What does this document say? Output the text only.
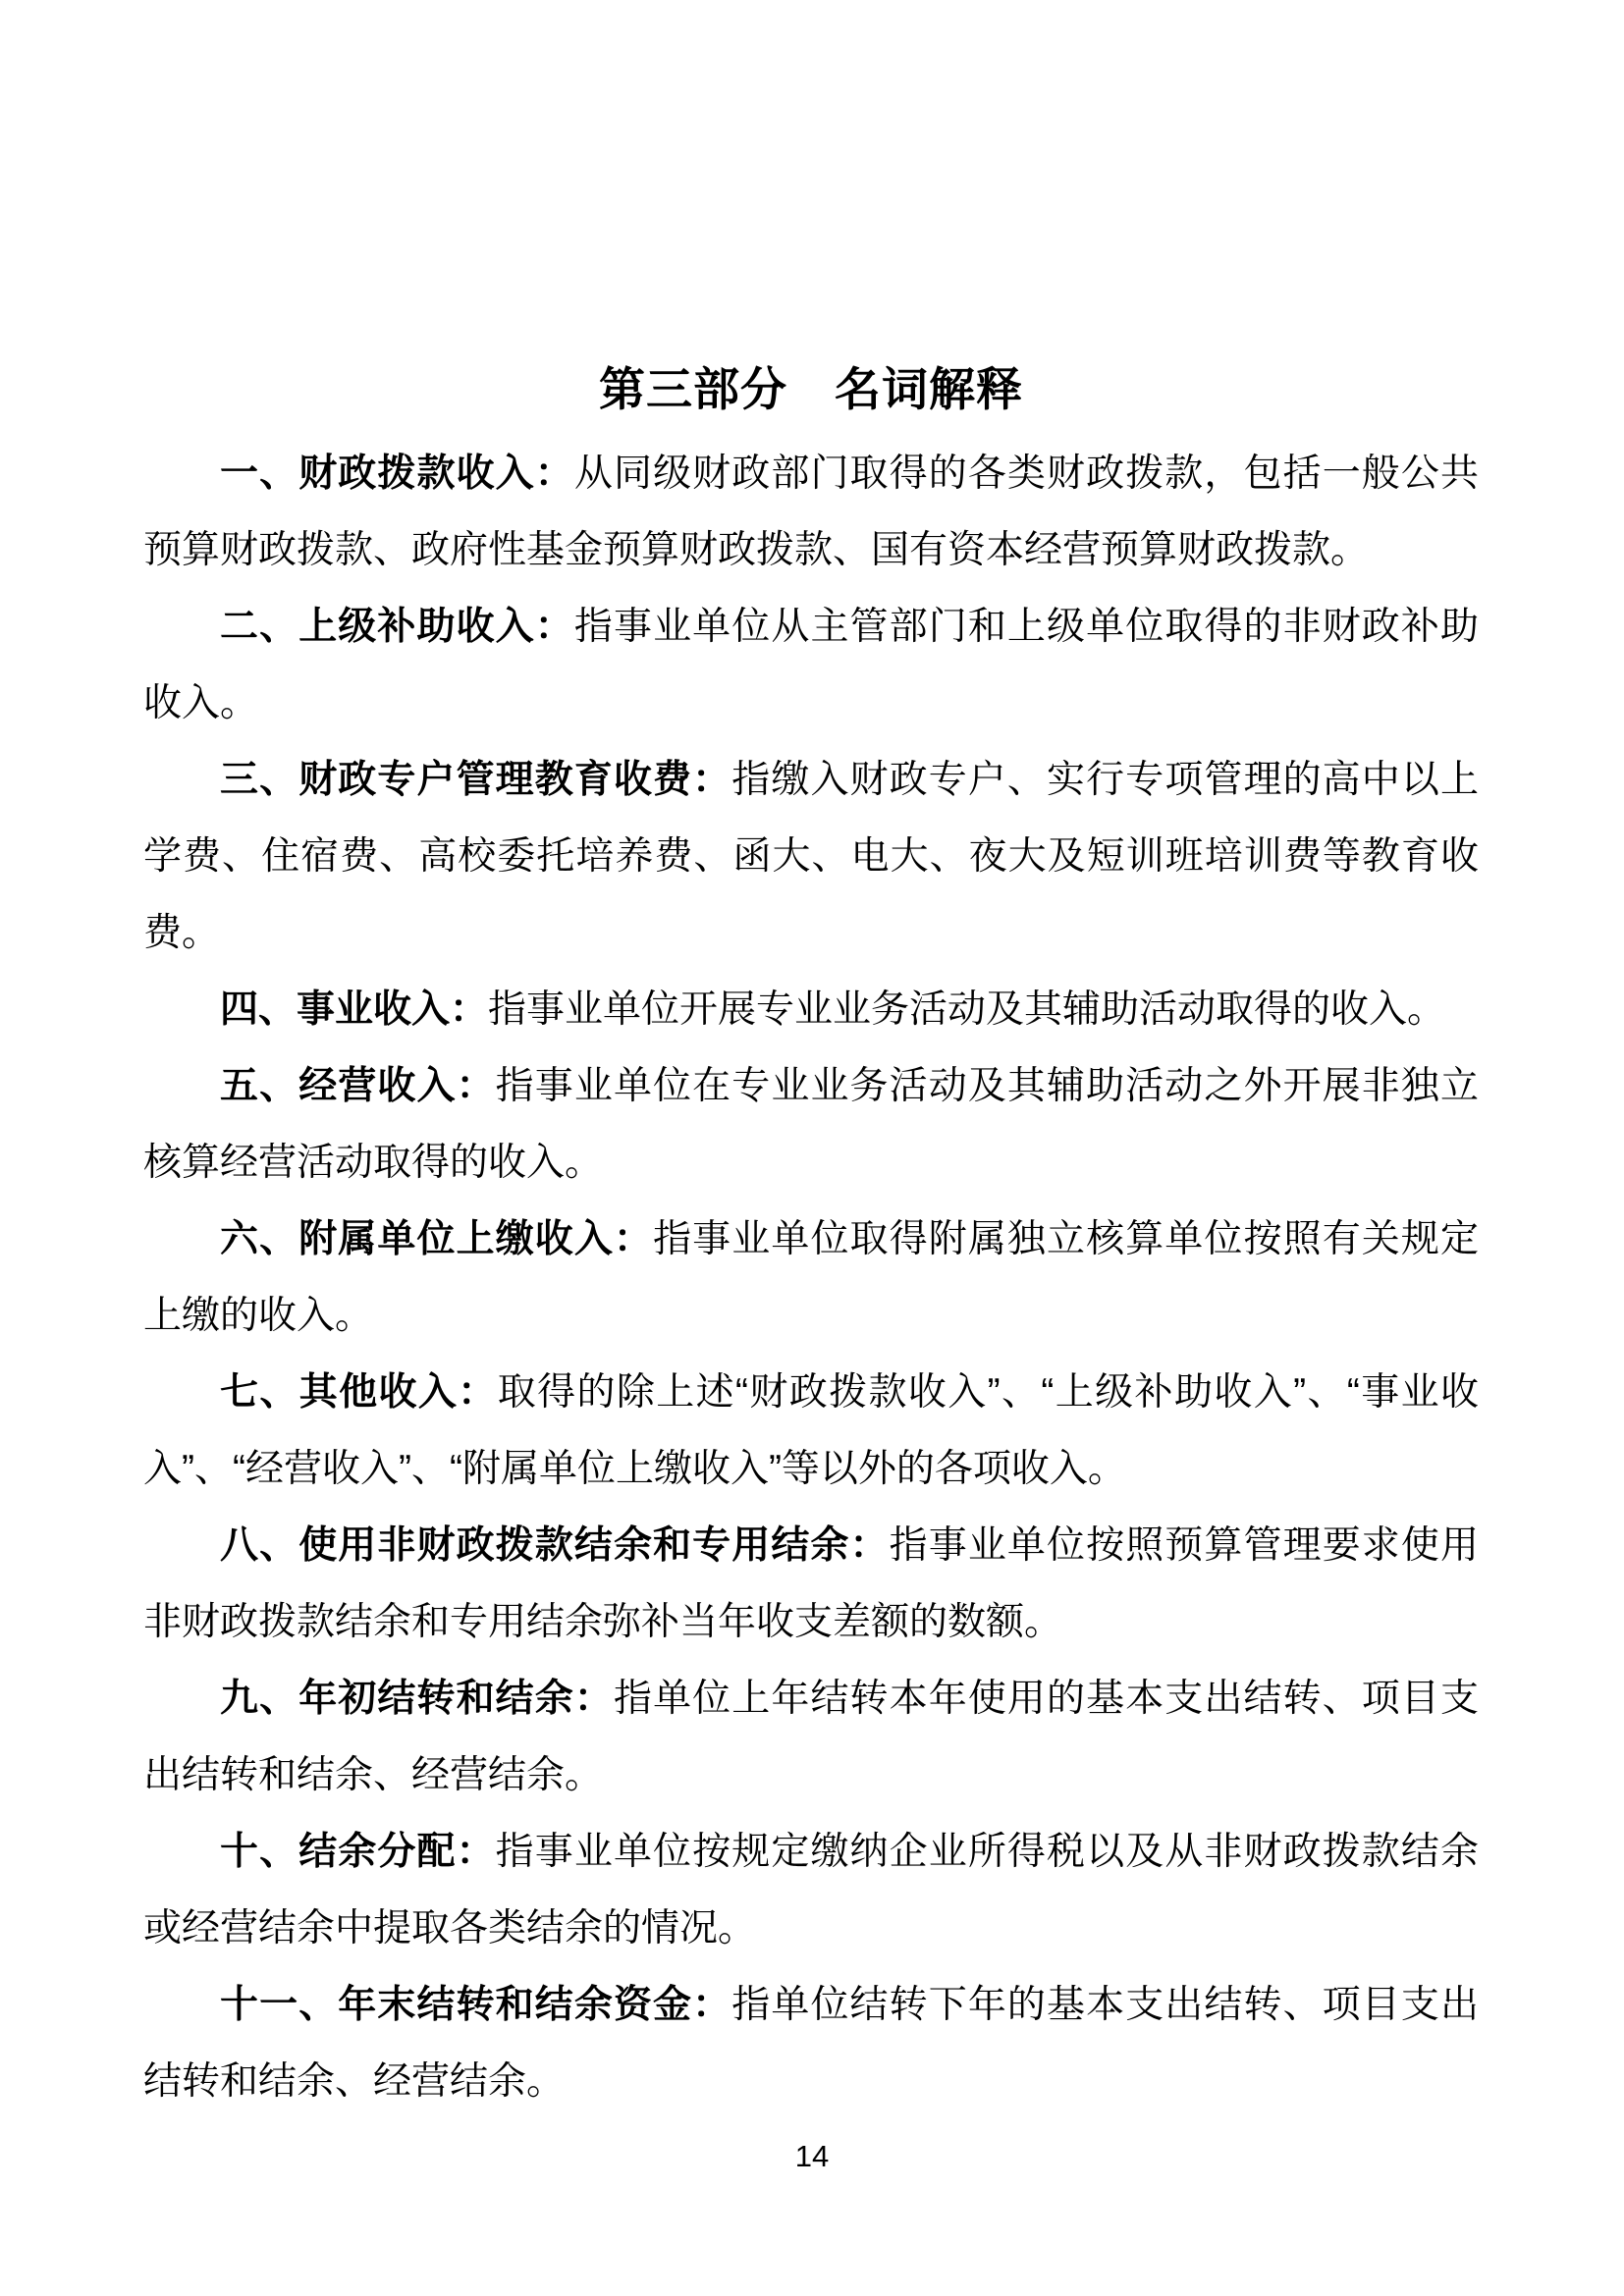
第三部分　名词解释

一、财政拨款收入：从同级财政部门取得的各类财政拨款，包括一般公共预算财政拨款、政府性基金预算财政拨款、国有资本经营预算财政拨款。

二、上级补助收入：指事业单位从主管部门和上级单位取得的非财政补助收入。

三、财政专户管理教育收费：指缴入财政专户、实行专项管理的高中以上学费、住宿费、高校委托培养费、函大、电大、夜大及短训班培训费等教育收费。

四、事业收入：指事业单位开展专业业务活动及其辅助活动取得的收入。

五、经营收入：指事业单位在专业业务活动及其辅助活动之外开展非独立核算经营活动取得的收入。

六、附属单位上缴收入：指事业单位取得附属独立核算单位按照有关规定上缴的收入。

七、其他收入：取得的除上述“财政拨款收入”、“上级补助收入”、“事业收入”、“经营收入”、“附属单位上缴收入”等以外的各项收入。

八、使用非财政拨款结余和专用结余：指事业单位按照预算管理要求使用非财政拨款结余和专用结余弥补当年收支差额的数额。

九、年初结转和结余：指单位上年结转本年使用的基本支出结转、项目支出结转和结余、经营结余。

十、结余分配：指事业单位按规定缴纳企业所得税以及从非财政拨款结余或经营结余中提取各类结余的情况。

十一、年末结转和结余资金：指单位结转下年的基本支出结转、项目支出结转和结余、经营结余。

14
